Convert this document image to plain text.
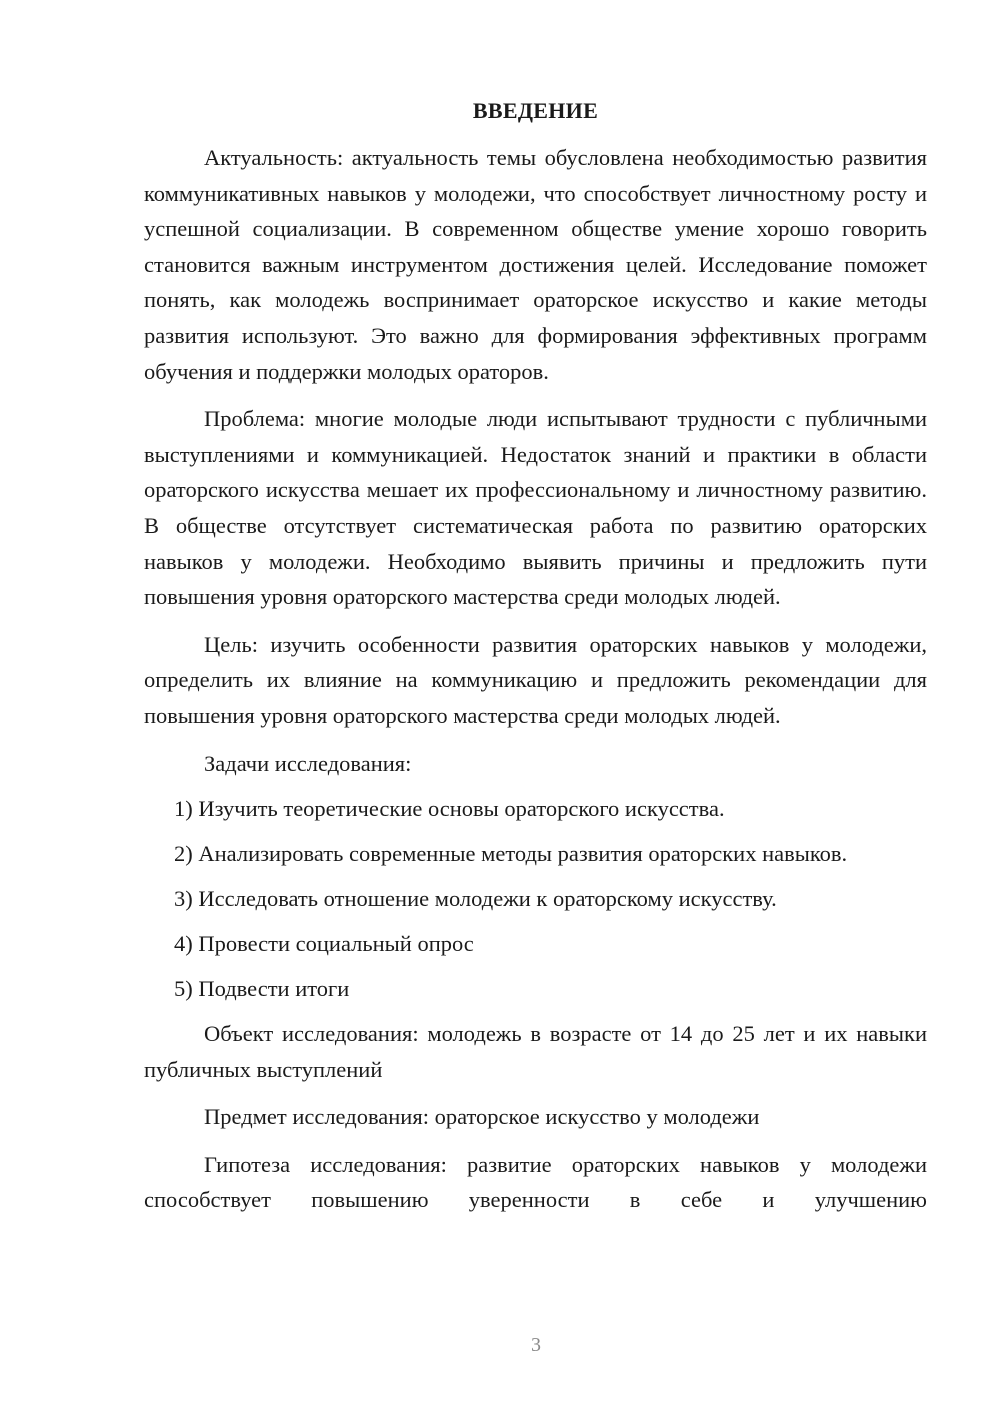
ВВЕДЕНИЕ

Актуальность: актуальность темы обусловлена необходимостью развития коммуникативных навыков у молодежи, что способствует личностному росту и успешной социализации. В современном обществе умение хорошо говорить становится важным инструментом достижения целей. Исследование поможет понять, как молодежь воспринимает ораторское искусство и какие методы развития используют. Это важно для формирования эффективных программ обучения и поддержки молодых ораторов.

Проблема: многие молодые люди испытывают трудности с публичными выступлениями и коммуникацией. Недостаток знаний и практики в области ораторского искусства мешает их профессиональному и личностному развитию. В обществе отсутствует систематическая работа по развитию ораторских навыков у молодежи. Необходимо выявить причины и предложить пути повышения уровня ораторского мастерства среди молодых людей.

Цель: изучить особенности развития ораторских навыков у молодежи, определить их влияние на коммуникацию и предложить рекомендации для повышения уровня ораторского мастерства среди молодых людей.

Задачи исследования:

1) Изучить теоретические основы ораторского искусства.

2) Анализировать современные методы развития ораторских навыков.

3) Исследовать отношение молодежи к ораторскому искусству.

4) Провести социальный опрос

5) Подвести итоги

Объект исследования: молодежь в возрасте от 14 до 25 лет и их навыки публичных выступлений

Предмет исследования: ораторское искусство у молодежи

Гипотеза исследования: развитие ораторских навыков у молодежи способствует повышению уверенности в себе и улучшению

3
